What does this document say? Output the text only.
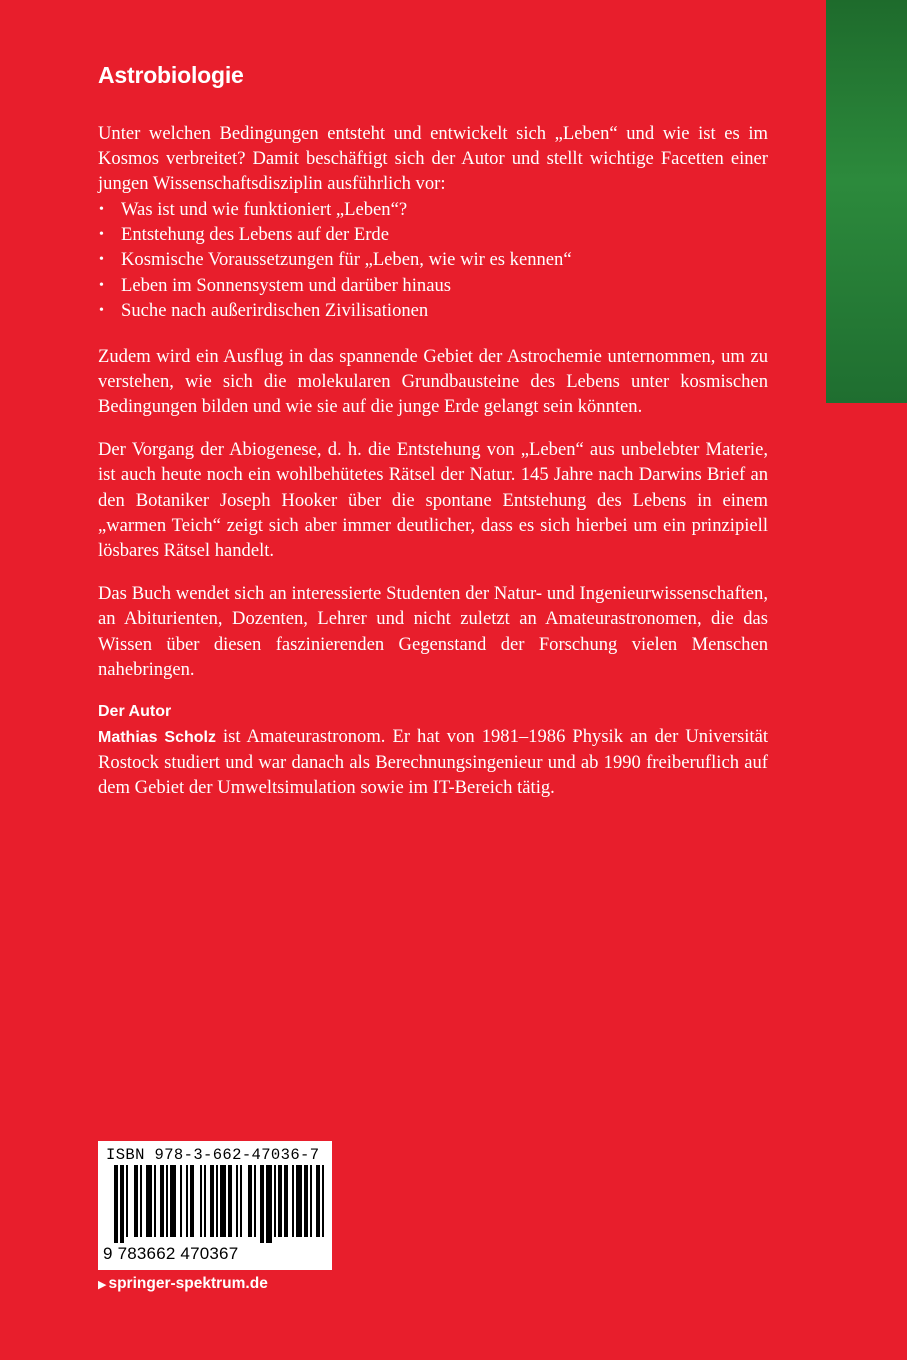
Astrobiologie

Unter welchen Bedingungen entsteht und entwickelt sich „Leben“ und wie ist es im Kosmos verbreitet? Damit beschäftigt sich der Autor und stellt wichtige Facetten einer jungen Wissenschaftsdisziplin ausführlich vor:

• Was ist und wie funktioniert „Leben“?
• Entstehung des Lebens auf der Erde
• Kosmische Voraussetzungen für „Leben, wie wir es kennen“
• Leben im Sonnensystem und darüber hinaus
• Suche nach außerirdischen Zivilisationen

Zudem wird ein Ausflug in das spannende Gebiet der Astrochemie unternommen, um zu verstehen, wie sich die molekularen Grundbausteine des Lebens unter kosmischen Bedingungen bilden und wie sie auf die junge Erde gelangt sein könnten.

Der Vorgang der Abiogenese, d. h. die Entstehung von „Leben“ aus unbelebter Materie, ist auch heute noch ein wohlbehütetes Rätsel der Natur. 145 Jahre nach Darwins Brief an den Botaniker Joseph Hooker über die spontane Entstehung des Lebens in einem „warmen Teich“ zeigt sich aber immer deutlicher, dass es sich hierbei um ein prinzipiell lösbares Rätsel handelt.

Das Buch wendet sich an interessierte Studenten der Natur- und Ingenieurwissenschaften, an Abiturienten, Dozenten, Lehrer und nicht zuletzt an Amateurastronomen, die das Wissen über diesen faszinierenden Gegenstand der Forschung vielen Menschen nahebringen.

Der Autor

Mathias Scholz ist Amateurastronom. Er hat von 1981–1986 Physik an der Universität Rostock studiert und war danach als Berechnungsingenieur und ab 1990 freiberuflich auf dem Gebiet der Umweltsimulation sowie im IT-Bereich tätig.

ISBN 978-3-662-47036-7
9 783662 470367
▶ springer-spektrum.de
